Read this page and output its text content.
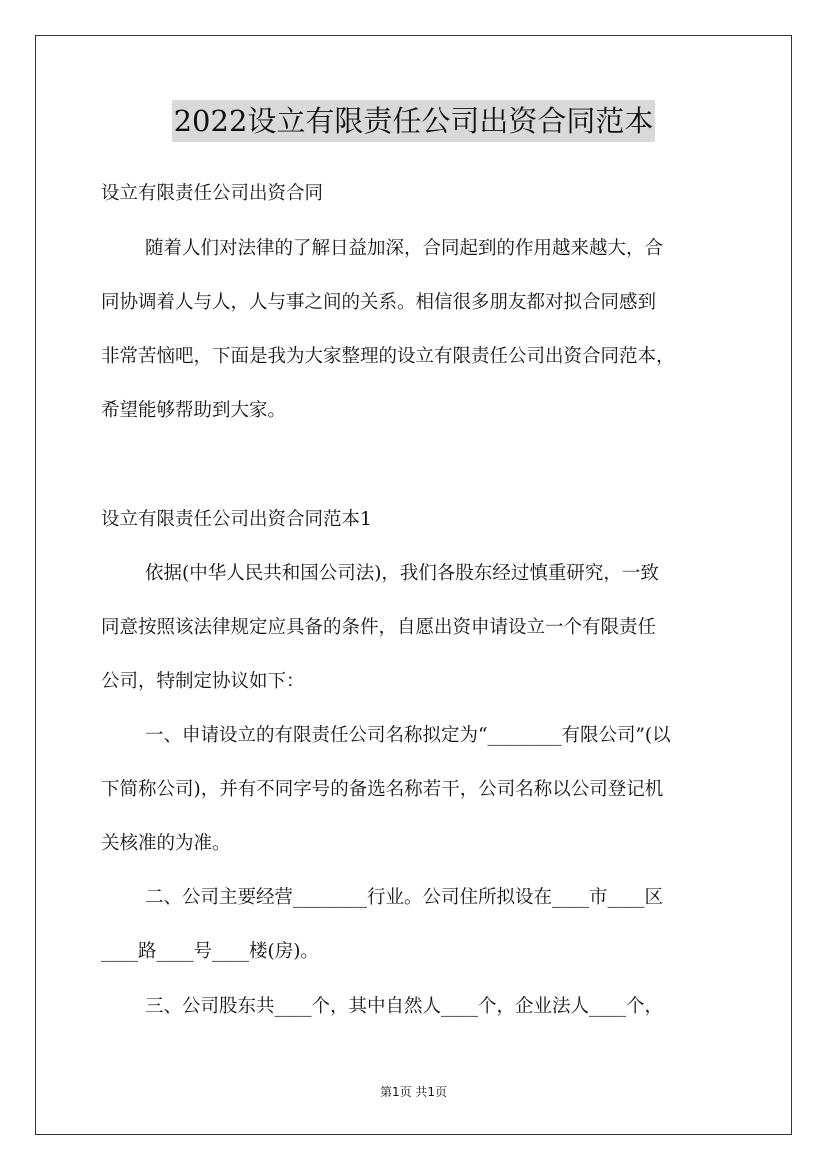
2022设立有限责任公司出资合同范本
设立有限责任公司出资合同
随着人们对法律的了解日益加深，合同起到的作用越来越大，合
同协调着人与人，人与事之间的关系。相信很多朋友都对拟合同感到
非常苦恼吧，下面是我为大家整理的设立有限责任公司出资合同范本，
希望能够帮助到大家。
设立有限责任公司出资合同范本1
依据(中华人民共和国公司法)，我们各股东经过慎重研究，一致
同意按照该法律规定应具备的条件，自愿出资申请设立一个有限责任
公司，特制定协议如下：
一、申请设立的有限责任公司名称拟定为“________有限公司”(以
下简称公司)，并有不同字号的备选名称若干，公司名称以公司登记机
关核准的为准。
二、公司主要经营________行业。公司住所拟设在____市____区
____路____号____楼(房)。
三、公司股东共____个，其中自然人____个，企业法人____个，
第1页 共1页
